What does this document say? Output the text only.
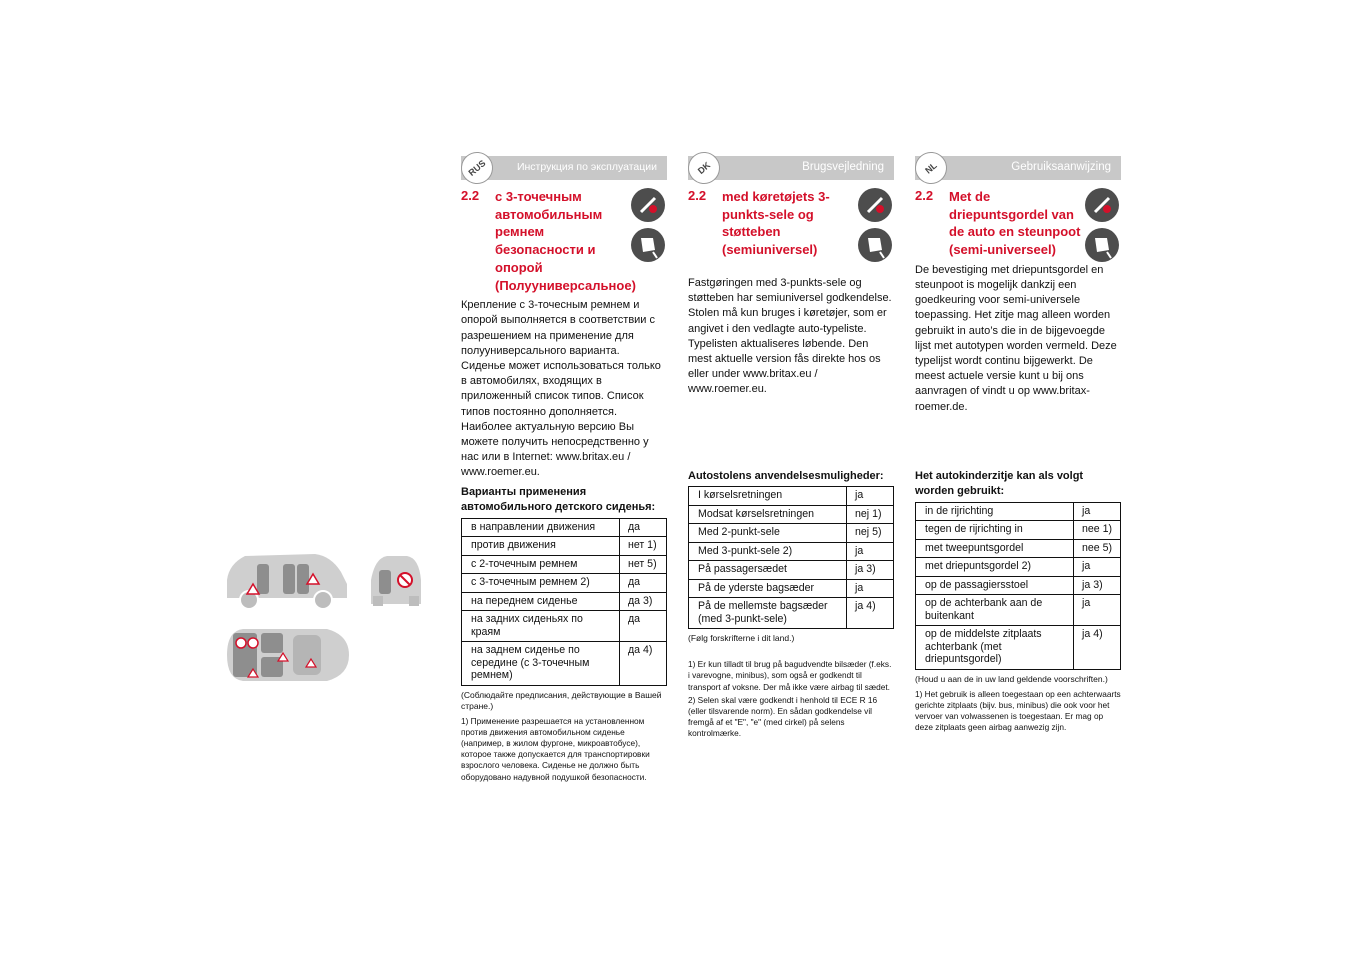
RUS	Инструкция по эксплуатации
2.2 с 3-точечным автомобильным ремнем безопасности и опорой (Полууниверсальное)
Крепление с 3-точесным ремнем и опорой выполняется в соответствии с разрешением на применение для полууниверсального варианта. Сиденье может использоваться только в автомобилях, входящих в приложенный список типов. Список типов постоянно дополняется. Наиболее актуальную версию Вы можете получить непосредственно у нас или в Internet: www.britax.eu / www.roemer.eu.
Варианты применения автомобильного детского сиденья:
в направлении движения	да
против движения	нет 1)
с 2-точечным ремнем	нет 5)
с 3-точечным ремнем 2)	да
на переднем сиденье	да 3)
на задних сиденьях по краям	да
на заднем сиденье по середине (с 3-точечным ремнем)	да 4)
(Соблюдайте предписания, действующие в Вашей стране.)
1) Применение разрешается на установленном против движения автомобильном сиденье (например, в жилом фургоне, микроавтобусе), которое также допускается для транспортировки взрослого человека. Сиденье не должно быть оборудовано надувной подушкой безопасности.
DK	Brugsvejledning
2.2 med køretøjets 3-punkts-sele og støtteben (semiuniversel)
Fastgøringen med 3-punkts-sele og støtteben har semiuniversel godkendelse. Stolen må kun bruges i køretøjer, som er angivet i den vedlagte auto-typeliste. Typelisten aktualiseres løbende. Den mest aktuelle version fås direkte hos os eller under www.britax.eu / www.roemer.eu.
Autostolens anvendelsesmuligheder:
I kørselsretningen	ja
Modsat kørselsretningen	nej 1)
Med 2-punkt-sele	nej 5)
Med 3-punkt-sele 2)	ja
På passagersædet	ja 3)
På de yderste bagsæder	ja
På de mellemste bagsæder (med 3-punkt-sele)	ja 4)
(Følg forskrifterne i dit land.)
1) Er kun tilladt til brug på bagudvendte bilsæder (f.eks. i varevogne, minibus), som også er godkendt til transport af voksne. Der må ikke være airbag til sædet.
2) Selen skal være godkendt i henhold til ECE R 16 (eller tilsvarende norm). En sådan godkendelse vil fremgå af et "E", "e" (med cirkel) på selens kontrolmærke.
NL	Gebruiksaanwijzing
2.2 Met de driepuntsgordel van de auto en steunpoot (semi-universeel)
De bevestiging met driepuntsgordel en steunpoot is mogelijk dankzij een goedkeuring voor semi-universele toepassing. Het zitje mag alleen worden gebruikt in auto’s die in de bijgevoegde lijst met autotypen worden vermeld. Deze typelijst wordt continu bijgewerkt. De meest actuele versie kunt u bij ons aanvragen of vindt u op www.britax-roemer.de.
Het autokinderzitje kan als volgt worden gebruikt:
in de rijrichting	ja
tegen de rijrichting in	nee 1)
met tweepuntsgordel	nee 5)
met driepuntsgordel 2)	ja
op de passagiersstoel	ja 3)
op de achterbank aan de buitenkant	ja
op de middelste zitplaats achterbank (met driepuntsgordel)	ja 4)
(Houd u aan de in uw land geldende voorschriften.)
1) Het gebruik is alleen toegestaan op een achterwaarts gerichte zitplaats (bijv. bus, minibus) die ook voor het vervoer van volwassenen is toegestaan. Er mag op deze zitplaats geen airbag aanwezig zijn.
